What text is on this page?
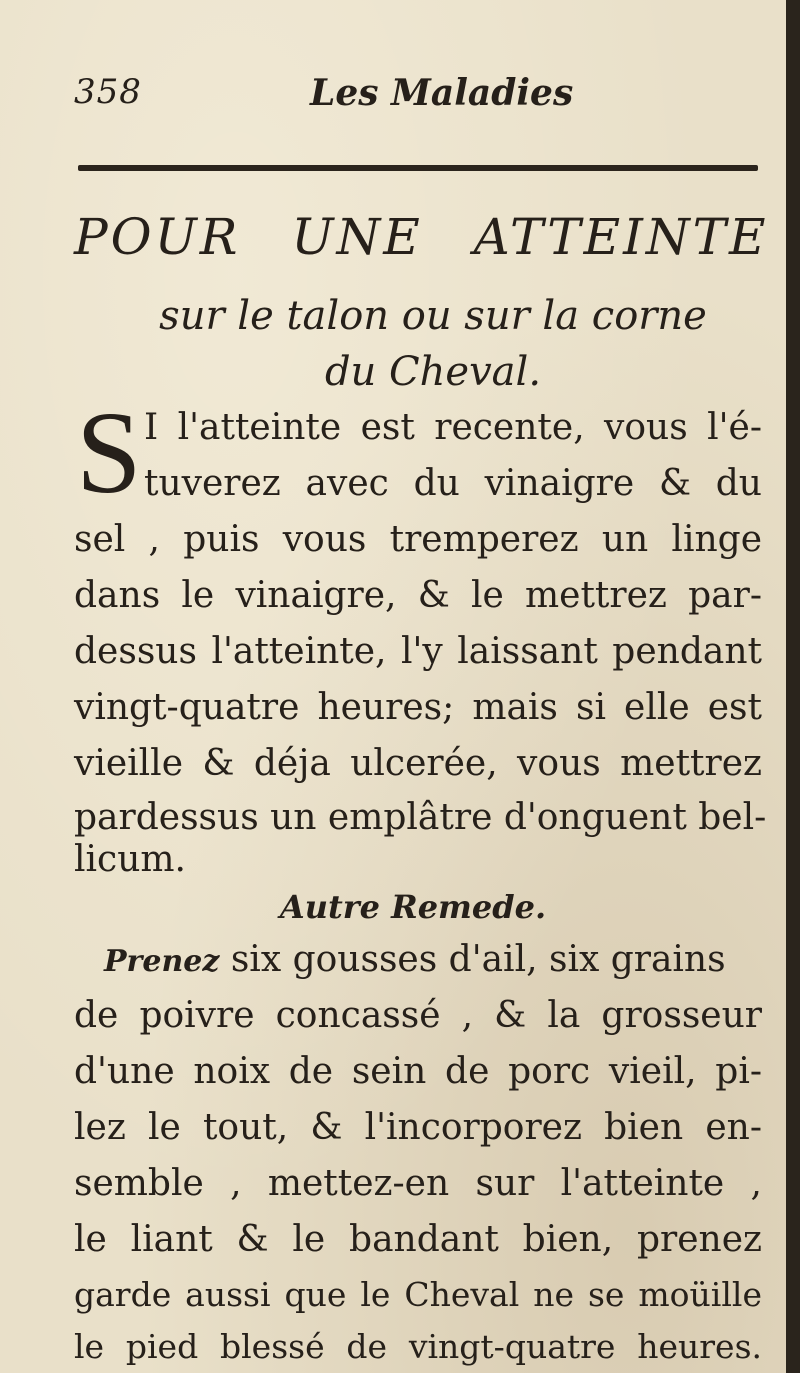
358	Les Maladies
POUR UNE ATTEINTE
sur le talon ou sur la corne
du Cheval.
S I l'atteinte est recente, vous l'é-
tuverez avec du vinaigre & du
sel , puis vous tremperez un linge
dans le vinaigre, & le mettrez par-
dessus l'atteinte, l'y laissant pendant
vingt-quatre heures; mais si elle est
vieille & déja ulcerée, vous mettrez
pardessus un emplâtre d'onguent bel-
licum.
Autre Remede.
Prenez six gousses d'ail, six grains
de poivre concassé , & la grosseur
d'une noix de sein de porc vieil, pi-
lez le tout, & l'incorporez bien en-
semble , mettez-en sur l'atteinte ,
le liant & le bandant bien, prenez
garde aussi que le Cheval ne se moüille
le pied blessé de vingt-quatre heures.
